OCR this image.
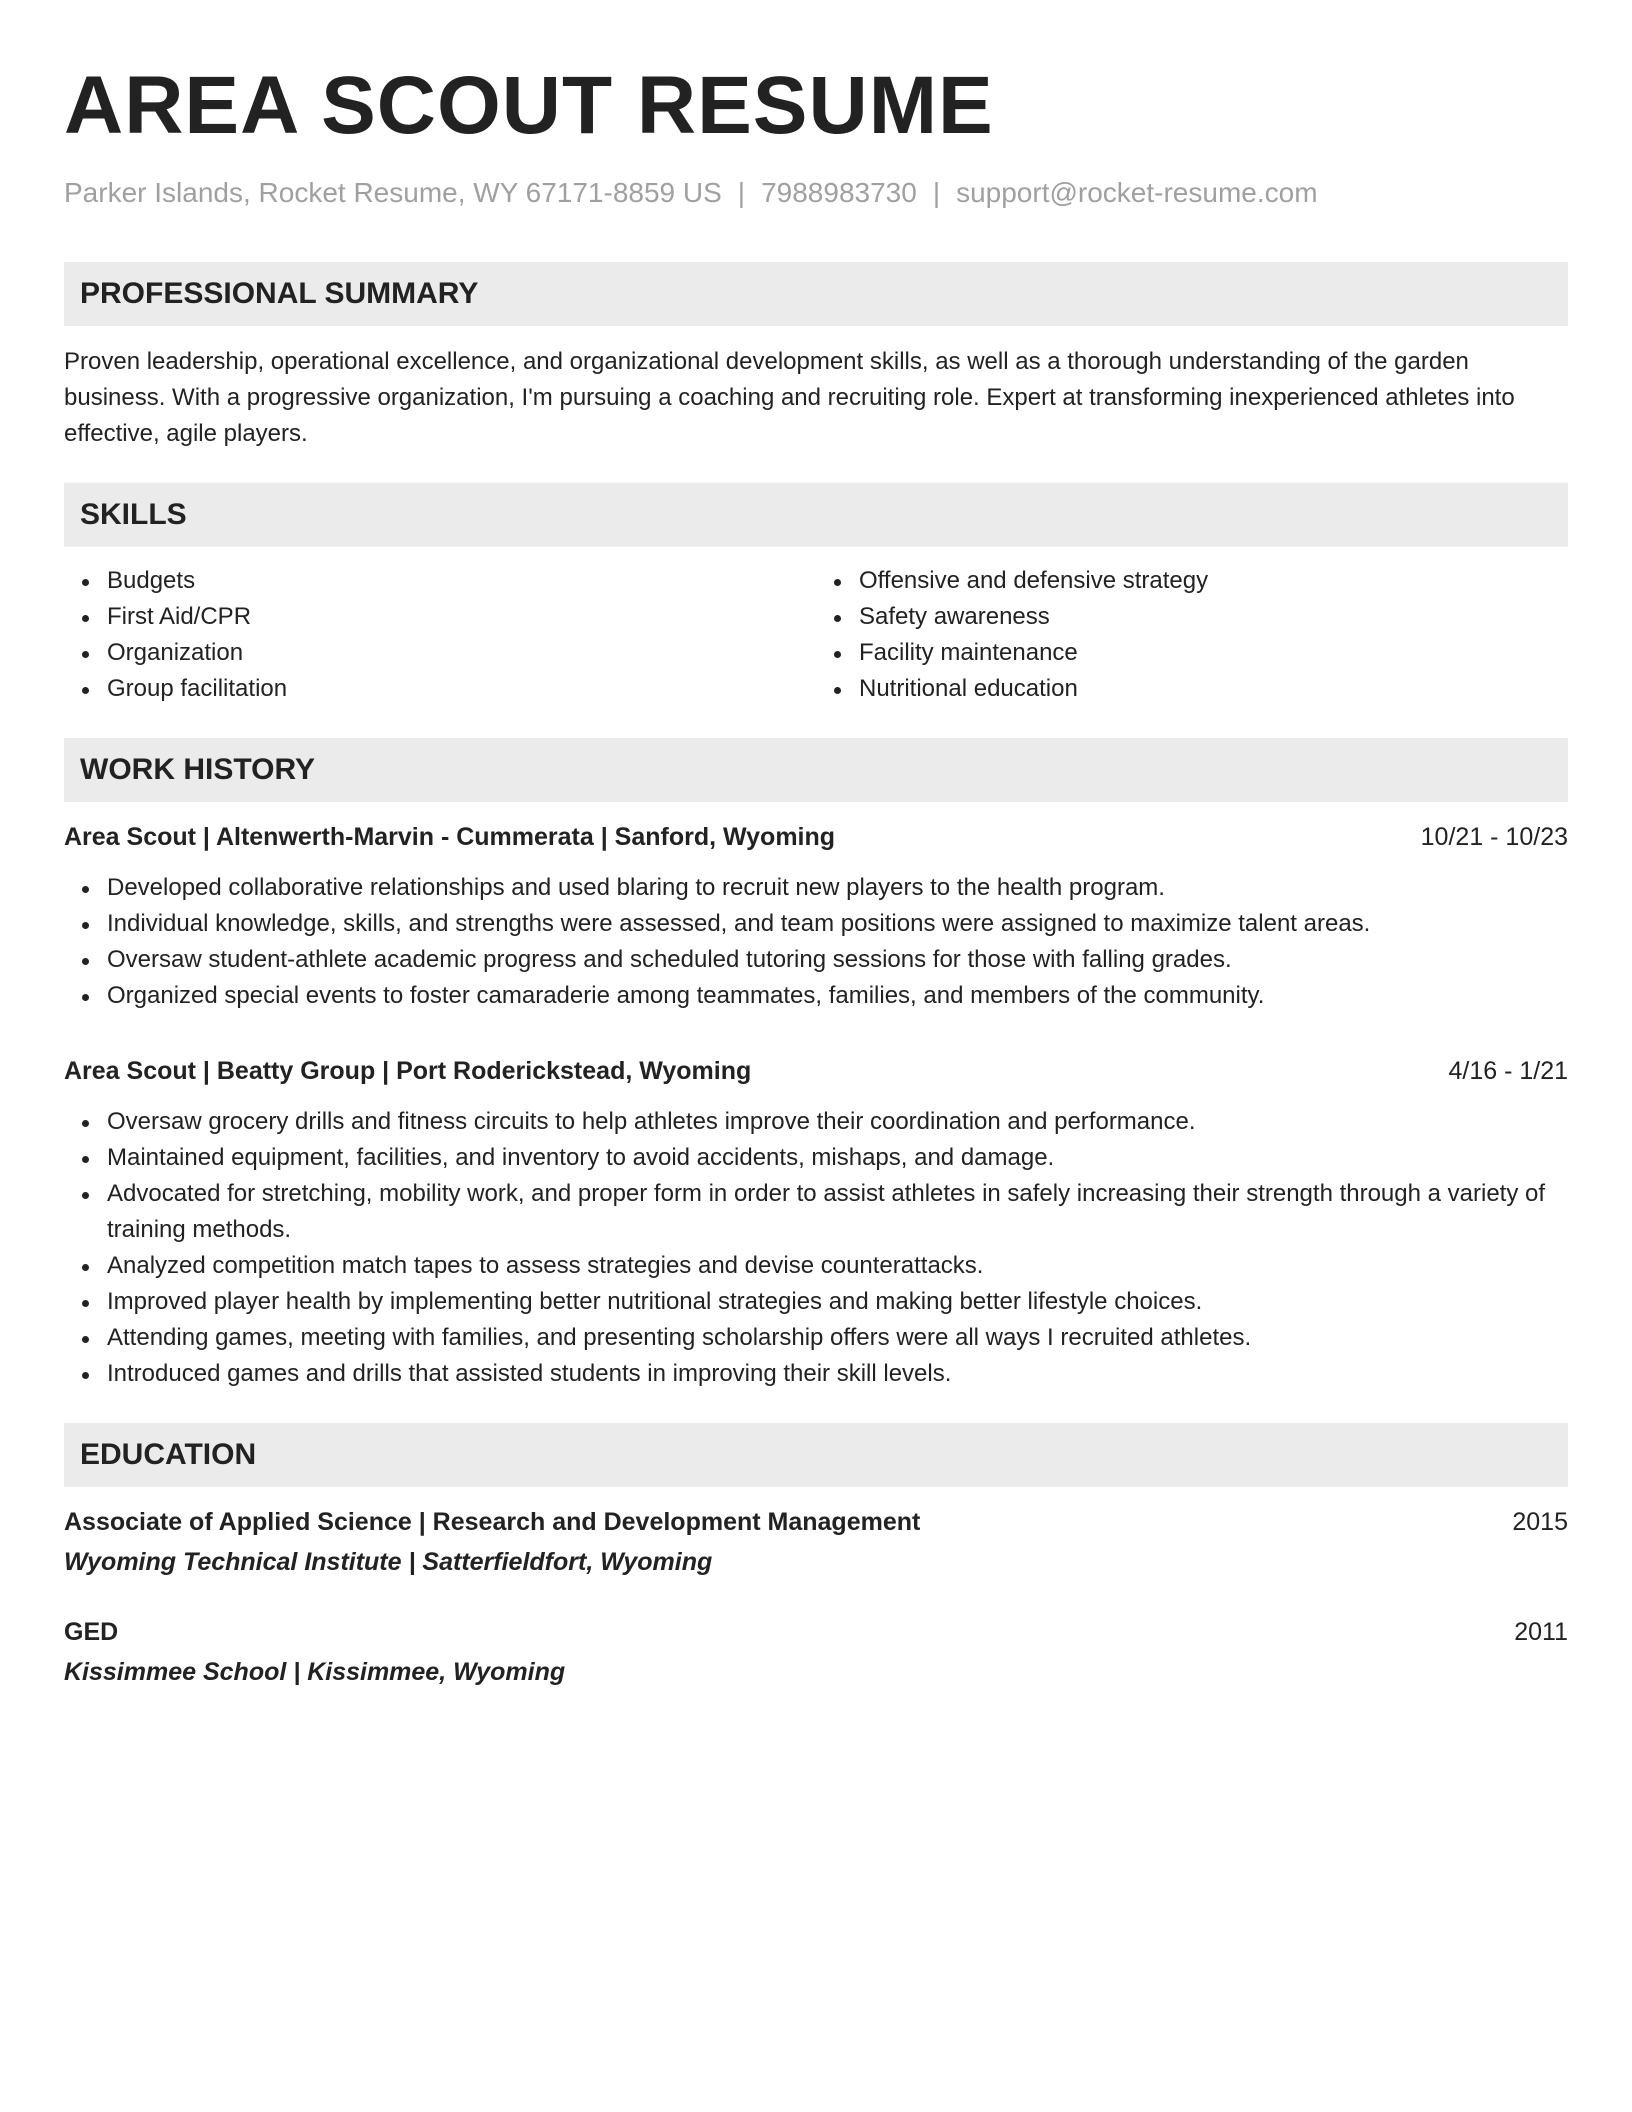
AREA SCOUT RESUME
Parker Islands, Rocket Resume, WY 67171-8859 US | 7988983730 | support@rocket-resume.com
PROFESSIONAL SUMMARY
Proven leadership, operational excellence, and organizational development skills, as well as a thorough understanding of the garden business. With a progressive organization, I'm pursuing a coaching and recruiting role. Expert at transforming inexperienced athletes into effective, agile players.
SKILLS
Budgets
First Aid/CPR
Organization
Group facilitation
Offensive and defensive strategy
Safety awareness
Facility maintenance
Nutritional education
WORK HISTORY
Area Scout | Altenwerth-Marvin - Cummerata | Sanford, Wyoming	10/21 - 10/23
Developed collaborative relationships and used blaring to recruit new players to the health program.
Individual knowledge, skills, and strengths were assessed, and team positions were assigned to maximize talent areas.
Oversaw student-athlete academic progress and scheduled tutoring sessions for those with falling grades.
Organized special events to foster camaraderie among teammates, families, and members of the community.
Area Scout | Beatty Group | Port Roderickstead, Wyoming	4/16 - 1/21
Oversaw grocery drills and fitness circuits to help athletes improve their coordination and performance.
Maintained equipment, facilities, and inventory to avoid accidents, mishaps, and damage.
Advocated for stretching, mobility work, and proper form in order to assist athletes in safely increasing their strength through a variety of training methods.
Analyzed competition match tapes to assess strategies and devise counterattacks.
Improved player health by implementing better nutritional strategies and making better lifestyle choices.
Attending games, meeting with families, and presenting scholarship offers were all ways I recruited athletes.
Introduced games and drills that assisted students in improving their skill levels.
EDUCATION
Associate of Applied Science | Research and Development Management	2015
Wyoming Technical Institute | Satterfieldfort, Wyoming
GED	2011
Kissimmee School | Kissimmee, Wyoming
